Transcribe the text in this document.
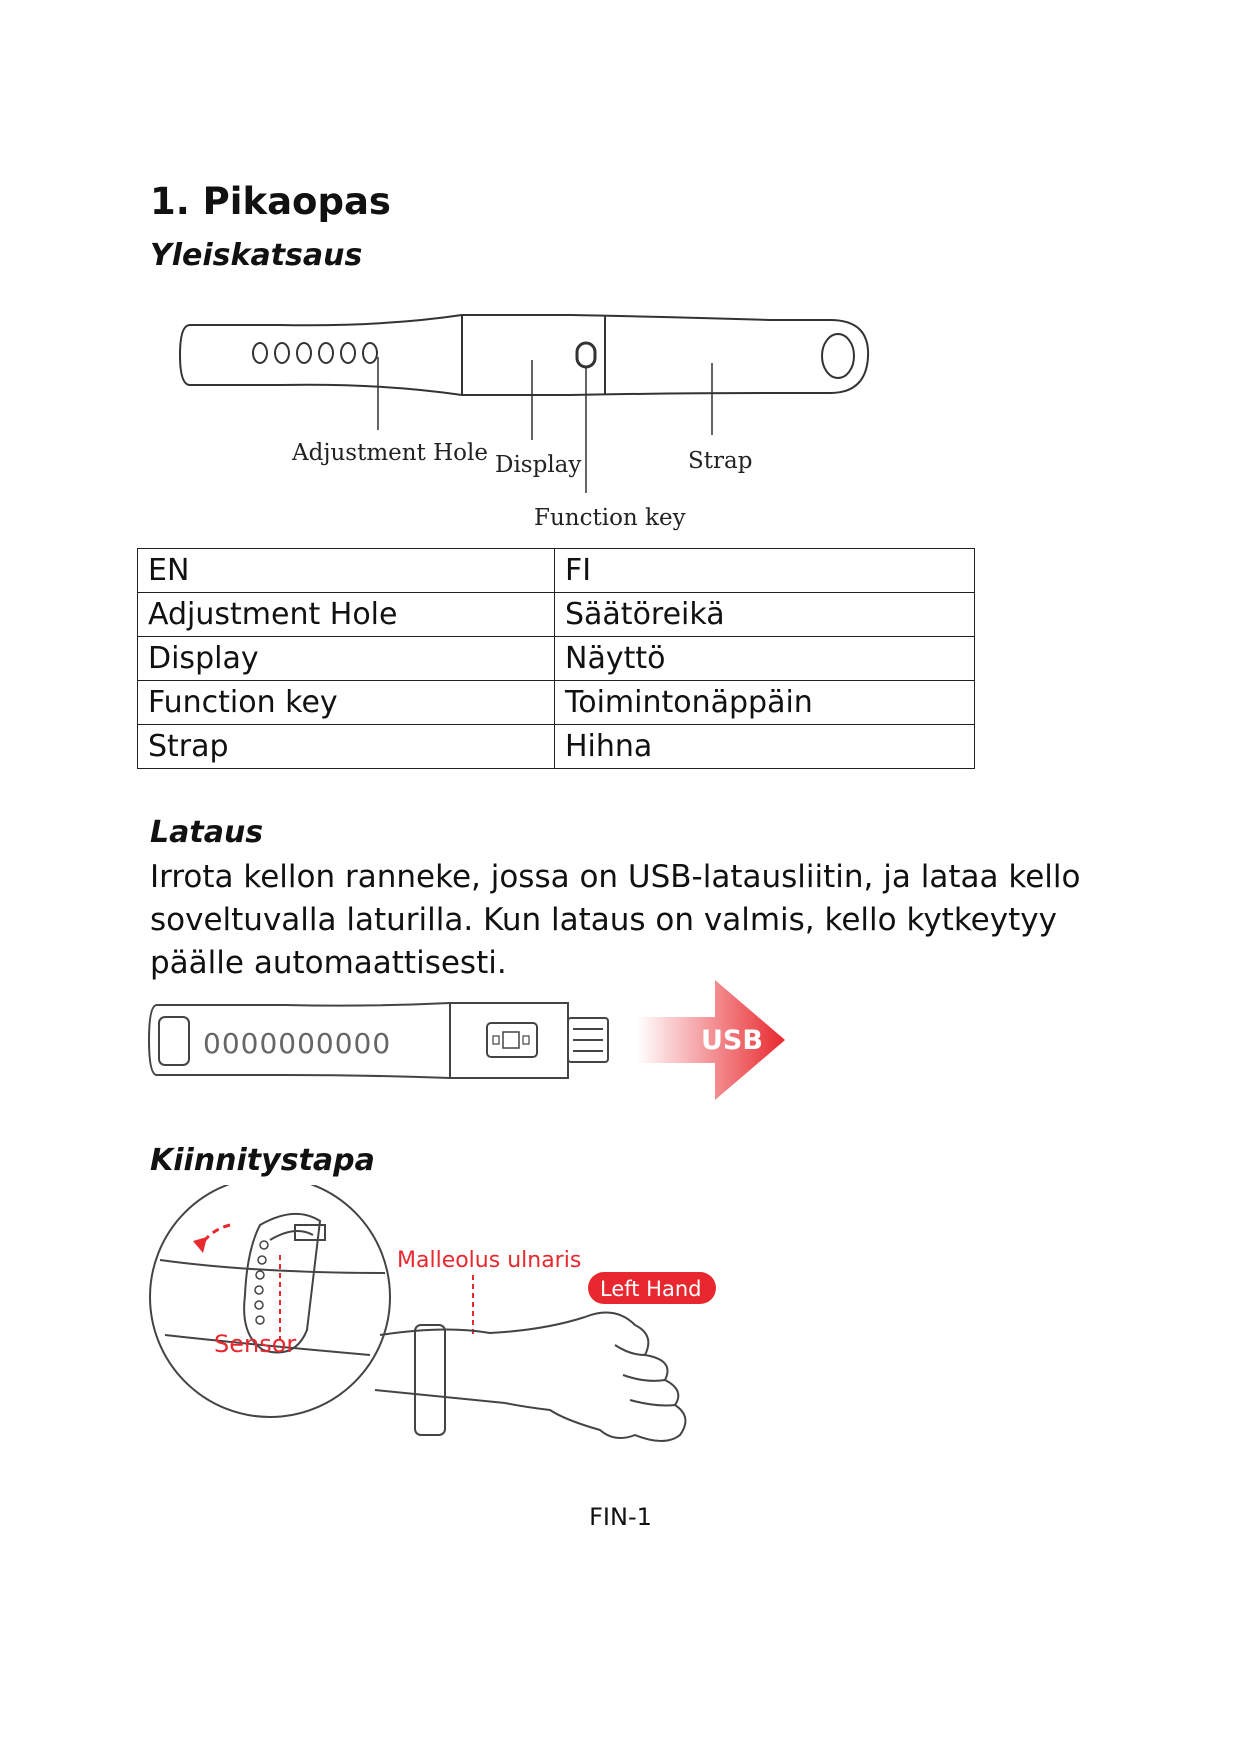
1. Pikaopas

Yleiskatsaus

Adjustment Hole Display	Strap
Function key
EN	FI
Adjustment Hole	Säätöreikä
Display	Näyttö
Function key	Toimintonäppäin
Strap	Hihna

Lataus

Irrota kellon ranneke, jossa on USB-latausliitin, ja lataa kello soveltuvalla laturilla. Kun lataus on valmis, kello kytkeytyy päälle automaattisesti.

0000000000	USB

Kiinnitystapa

Sensor
Malleolus ulnaris
Left Hand
FIN-1
